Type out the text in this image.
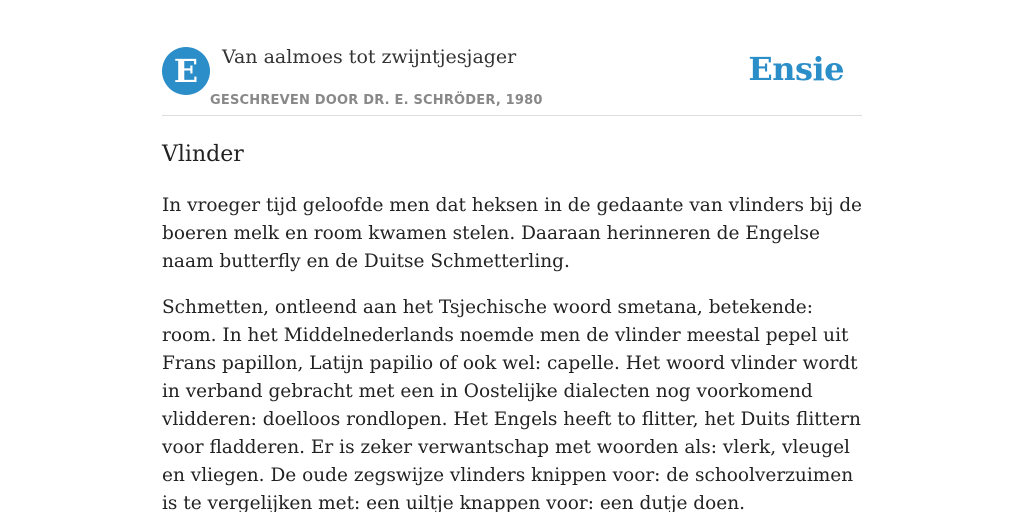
E	Van aalmoes tot zwijntjesjager
GESCHREVEN DOOR DR. E. SCHRÖDER, 1980
Ensie
Vlinder

In vroeger tijd geloofde men dat heksen in de gedaante van vlinders bij de boeren melk en room kwamen stelen. Daaraan herinneren de Engelse naam butterfly en de Duitse Schmetterling.

Schmetten, ontleend aan het Tsjechische woord smetana, betekende: room. In het Middelnederlands noemde men de vlinder meestal pepel uit Frans papillon, Latijn papilio of ook wel: capelle. Het woord vlinder wordt in verband gebracht met een in Oostelijke dialecten nog voorkomend vlidderen: doelloos rondlopen. Het Engels heeft to flitter, het Duits flittern voor fladderen. Er is zeker verwantschap met woorden als: vlerk, vleugel en vliegen. De oude zegswijze vlinders knippen voor: de schoolverzuimen is te vergelijken met: een uiltje knappen voor: een dutje doen.
